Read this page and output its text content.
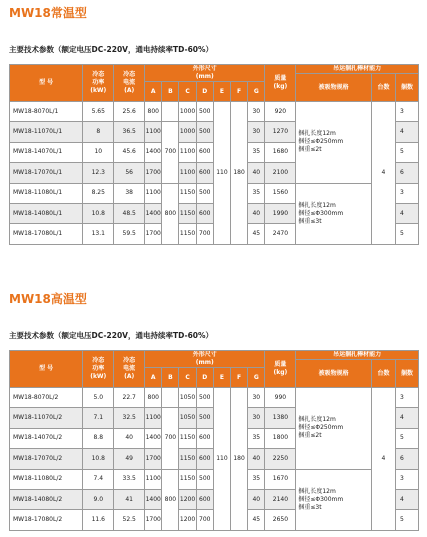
MW18常温型
主要技术参数（额定电压DC-220V，通电持续率TD-60%）
型 号	冷态
功率
(kW)	冷态
电流
(A)	外形尺寸
(mm)							质量
(kg)	吊运捆扎棒材能力		
											被吸物规格	台数	捆数
			A	B	C	D	E	F	G				
MW18-8070L/1	5.65	25.6	800		1000	500	110	180	30	920	捆扎长度12m
捆径≤Φ250mm
捆重≤2t	4	3
MW18-11070L/1	8	36.5	1100	700	1000	500			30	1270			4
MW18-14070L/1	10	45.6	1400		1100	600			35	1680			5
MW18-17070L/1	12.3	56	1700		1100	600			40	2100			6
MW18-11080L/1	8.25	38	1100	800	1150	500			35	1560	捆扎长度12m
捆径≤Φ300mm
捆重≤3t		3
MW18-14080L/1	10.8	48.5	1400		1150	600			40	1990			4
MW18-17080L/1	13.1	59.5	1700		1150	700			45	2470			5
MW18高温型
主要技术参数（额定电压DC-220V，通电持续率TD-60%）
型 号	冷态
功率
(kW)	冷态
电流
(A)	外形尺寸
(mm)							质量
(kg)	吊运捆扎棒材能力		
											被吸物规格	台数	捆数
			A	B	C	D	E	F	G				
MW18-8070L/2	5.0	22.7	800		1050	500	110	180	30	990	捆扎长度12m
捆径≤Φ250mm
捆重≤2t	4	3
MW18-11070L/2	7.1	32.5	1100	700	1050	500			30	1380			4
MW18-14070L/2	8.8	40	1400		1150	600			35	1800			5
MW18-17070L/2	10.8	49	1700		1150	600			40	2250			6
MW18-11080L/2	7.4	33.5	1100	800	1150	500			35	1670	捆扎长度12m
捆径≤Φ300mm
捆重≤3t		3
MW18-14080L/2	9.0	41	1400		1200	600			40	2140			4
MW18-17080L/2	11.6	52.5	1700		1200	700			45	2650			5
